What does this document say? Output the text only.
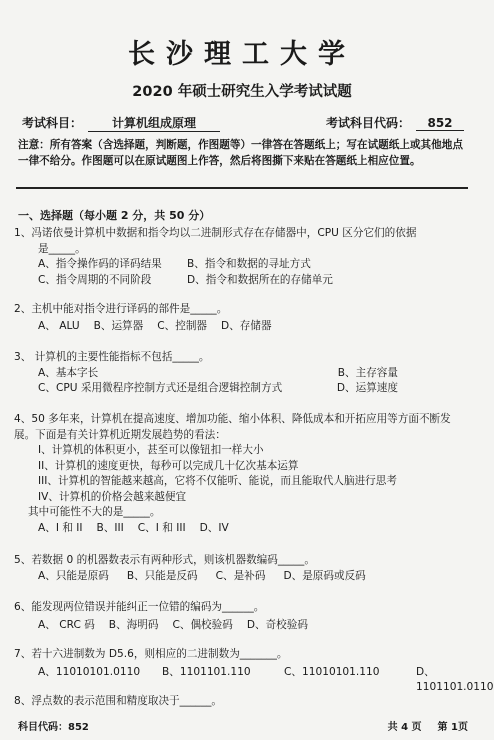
长沙理工大学
2020 年硕士研究生入学考试试题
考试科目：	计算机组成原理	考试科目代码：	852

注意：所有答案（含选择题，判断题，作图题等）一律答在答题纸上；写在试题纸上或其他地点一律不给分。作图题可以在原试题图上作答，然后将图撕下来贴在答题纸上相应位置。

一、选择题（每小题 2 分，共 50 分）

1、冯诺依曼计算机中数据和指令均以二进制形式存在存储器中，CPU 区分它们的依据

是_____。

A、指令操作码的译码结果	B、指令和数据的寻址方式
C、指令周期的不同阶段	D、指令和数据所在的存储单元

2、主机中能对指令进行译码的部件是_____。

A、 ALU B、运算器 C、控制器 D、存储器

3、 计算机的主要性能指标不包括_____。

A、基本字长	B、主存容量
C、CPU 采用微程序控制方式还是组合逻辑控制方式	D、运算速度

4、50 多年来，计算机在提高速度、增加功能、缩小体积、降低成本和开拓应用等方面不断发展。下面是有关计算机近期发展趋势的看法：

I、计算机的体积更小，甚至可以像钮扣一样大小

II、计算机的速度更快，每秒可以完成几十亿次基本运算

III、计算机的智能越来越高，它将不仅能听、能说，而且能取代人脑进行思考

IV、计算机的价格会越来越便宜

其中可能性不大的是_____。

A、I 和 II B、III C、I 和 III D、IV

5、若数据 0 的机器数表示有两种形式，则该机器数编码_____。

A、只能是原码 B、只能是反码 C、是补码 D、是原码或反码

6、能发现两位错误并能纠正一位错的编码为______。

A、 CRC 码 B、海明码 C、偶校验码 D、奇校验码

7、若十六进制数为 D5.6，则相应的二进制数为_______。

A、11010101.0110	B、1101101.110	C、11010101.110	D、1101101.0110

8、浮点数的表示范围和精度取决于______。

科目代码：852	共 4 页 第 1页
